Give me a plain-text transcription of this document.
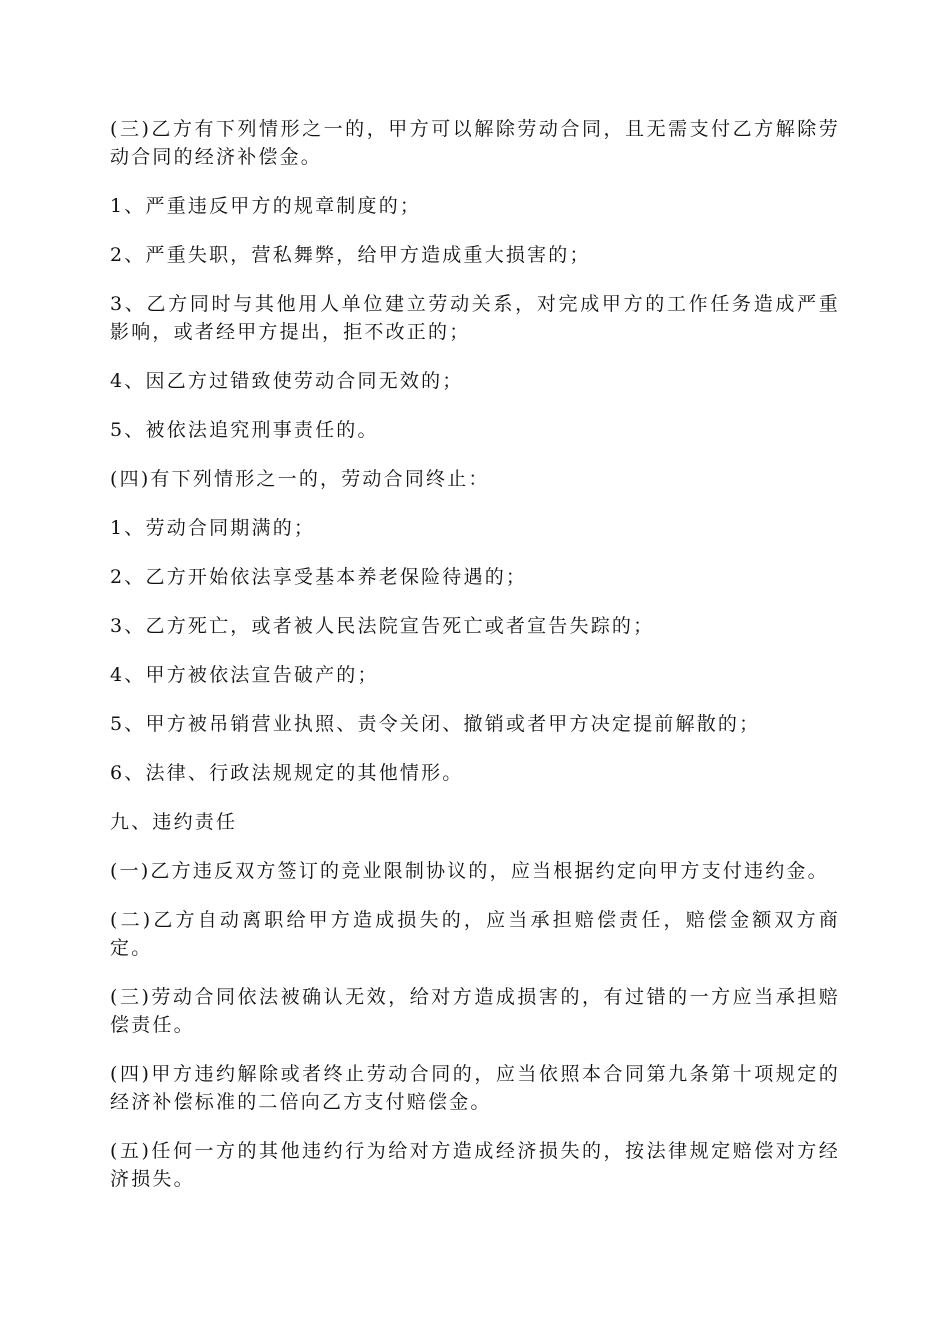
(三)乙方有下列情形之一的，甲方可以解除劳动合同，且无需支付乙方解除劳动合同的经济补偿金。

1、严重违反甲方的规章制度的；

2、严重失职，营私舞弊，给甲方造成重大损害的；

3、乙方同时与其他用人单位建立劳动关系，对完成甲方的工作任务造成严重影响，或者经甲方提出，拒不改正的；

4、因乙方过错致使劳动合同无效的；

5、被依法追究刑事责任的。

(四)有下列情形之一的，劳动合同终止：

1、劳动合同期满的；

2、乙方开始依法享受基本养老保险待遇的；

3、乙方死亡，或者被人民法院宣告死亡或者宣告失踪的；

4、甲方被依法宣告破产的；

5、甲方被吊销营业执照、责令关闭、撤销或者甲方决定提前解散的；

6、法律、行政法规规定的其他情形。

九、违约责任

(一)乙方违反双方签订的竞业限制协议的，应当根据约定向甲方支付违约金。

(二)乙方自动离职给甲方造成损失的，应当承担赔偿责任，赔偿金额双方商定。

(三)劳动合同依法被确认无效，给对方造成损害的，有过错的一方应当承担赔偿责任。

(四)甲方违约解除或者终止劳动合同的，应当依照本合同第九条第十项规定的经济补偿标准的二倍向乙方支付赔偿金。

(五)任何一方的其他违约行为给对方造成经济损失的，按法律规定赔偿对方经济损失。
